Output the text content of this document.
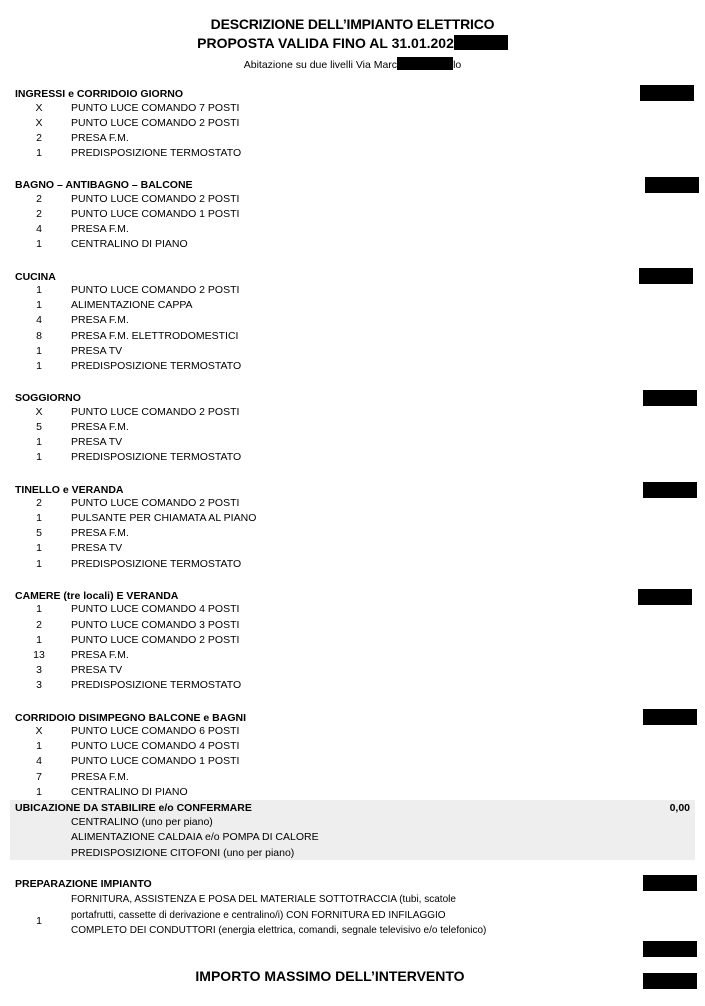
DESCRIZIONE DELL’IMPIANTO ELETTRICO
PROPOSTA VALIDA FINO AL 31.01.202
Abitazione su due livelli Via Marc	lo
INGRESSI e CORRIDOIO GIORNO
X	PUNTO LUCE COMANDO 7 POSTI
X	PUNTO LUCE COMANDO 2 POSTI
2	PRESA F.M.
1	PREDISPOSIZIONE TERMOSTATO
BAGNO – ANTIBAGNO – BALCONE
2	PUNTO LUCE COMANDO 2 POSTI
2	PUNTO LUCE COMANDO 1 POSTI
4	PRESA F.M.
1	CENTRALINO DI PIANO
CUCINA
1	PUNTO LUCE COMANDO 2 POSTI
1	ALIMENTAZIONE CAPPA
4	PRESA F.M.
8	PRESA F.M. ELETTRODOMESTICI
1	PRESA TV
1	PREDISPOSIZIONE TERMOSTATO
SOGGIORNO
X	PUNTO LUCE COMANDO 2 POSTI
5	PRESA F.M.
1	PRESA TV
1	PREDISPOSIZIONE TERMOSTATO
TINELLO e VERANDA
2	PUNTO LUCE COMANDO 2 POSTI
1	PULSANTE PER CHIAMATA AL PIANO
5	PRESA F.M.
1	PRESA TV
1	PREDISPOSIZIONE TERMOSTATO
CAMERE (tre locali) E VERANDA
1	PUNTO LUCE COMANDO 4 POSTI
2	PUNTO LUCE COMANDO 3 POSTI
1	PUNTO LUCE COMANDO 2 POSTI
13	PRESA F.M.
3	PRESA TV
3	PREDISPOSIZIONE TERMOSTATO
CORRIDOIO DISIMPEGNO BALCONE e BAGNI
X	PUNTO LUCE COMANDO 6 POSTI
1	PUNTO LUCE COMANDO 4 POSTI
4	PUNTO LUCE COMANDO 1 POSTI
7	PRESA F.M.
1	CENTRALINO DI PIANO
UBICAZIONE DA STABILIRE e/o CONFERMARE	0,00
CENTRALINO (uno per piano)
ALIMENTAZIONE CALDAIA e/o POMPA DI CALORE
PREDISPOSIZIONE CITOFONI (uno per piano)
PREPARAZIONE IMPIANTO
1
FORNITURA, ASSISTENZA E POSA DEL MATERIALE SOTTOTRACCIA (tubi, scatole portafrutti, cassette di derivazione e centralino/i) CON FORNITURA ED INFILAGGIO COMPLETO DEI CONDUTTORI (energia elettrica, comandi, segnale televisivo e/o telefonico)
IMPORTO MASSIMO DELL’INTERVENTO
